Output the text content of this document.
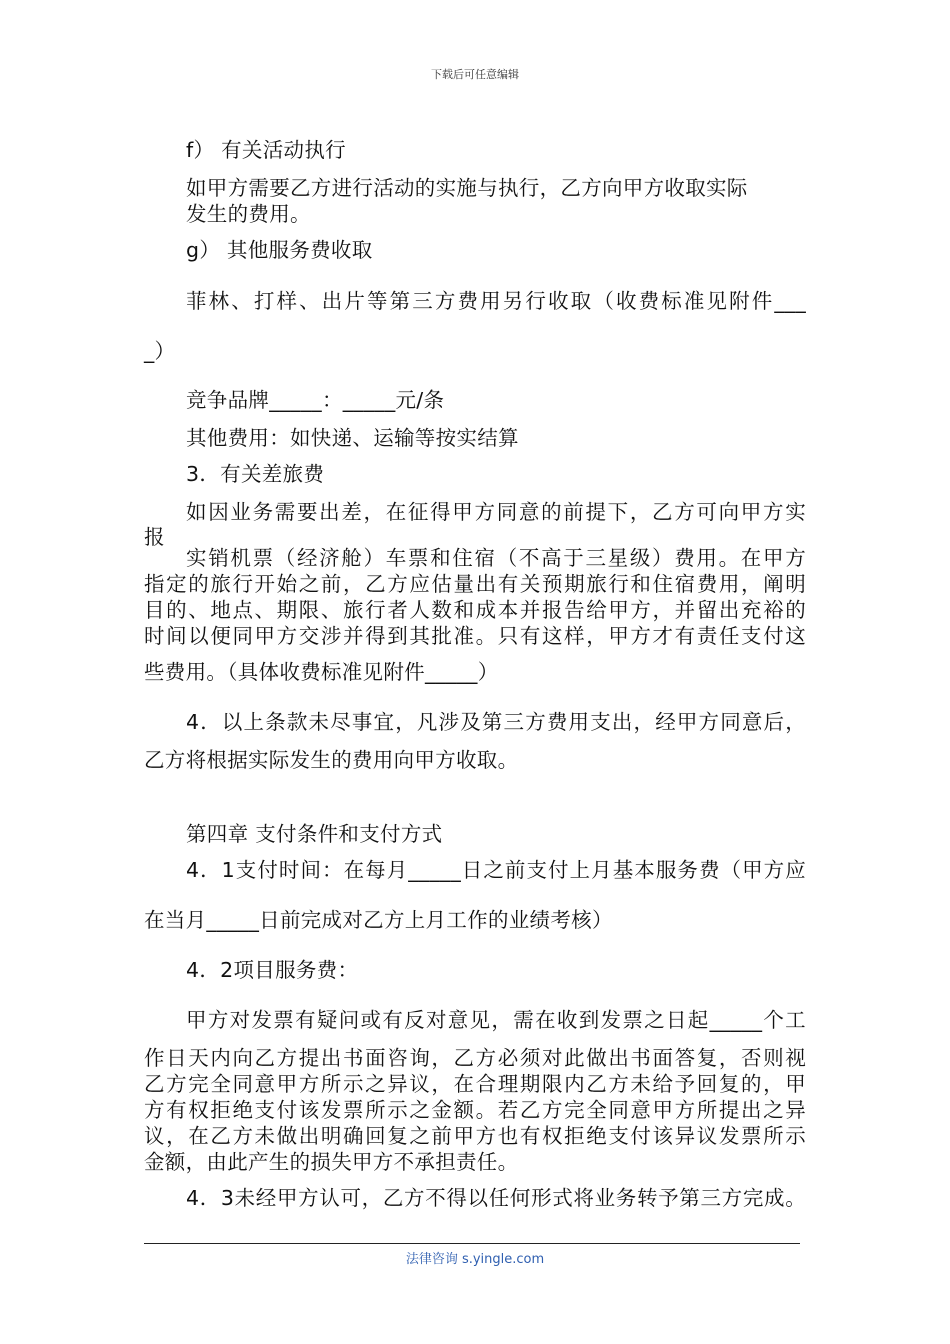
下载后可任意编辑
f） 有关活动执行
如甲方需要乙方进行活动的实施与执行，乙方向甲方收取实际
发生的费用。
g） 其他服务费收取
菲林、打样、出片等第三方费用另行收取（收费标准见附件___
_）
竞争品牌_____：_____元/条
其他费用：如快递、运输等按实结算
3．有关差旅费
如因业务需要出差，在征得甲方同意的前提下，乙方可向甲方实
报
实销机票（经济舱）车票和住宿（不高于三星级）费用。在甲方
指定的旅行开始之前，乙方应估量出有关预期旅行和住宿费用，阐明
目的、地点、期限、旅行者人数和成本并报告给甲方，并留出充裕的
时间以便同甲方交涉并得到其批准。只有这样，甲方才有责任支付这
些费用。（具体收费标准见附件_____）
4．以上条款未尽事宜，凡涉及第三方费用支出，经甲方同意后，
乙方将根据实际发生的费用向甲方收取。
第四章 支付条件和支付方式
4．1支付时间：在每月_____日之前支付上月基本服务费（甲方应
在当月_____日前完成对乙方上月工作的业绩考核）
4．2项目服务费：
甲方对发票有疑问或有反对意见，需在收到发票之日起_____个工
作日天内向乙方提出书面咨询，乙方必须对此做出书面答复，否则视
乙方完全同意甲方所示之异议，在合理期限内乙方未给予回复的，甲
方有权拒绝支付该发票所示之金额。若乙方完全同意甲方所提出之异
议，在乙方未做出明确回复之前甲方也有权拒绝支付该异议发票所示
金额，由此产生的损失甲方不承担责任。
4．3未经甲方认可，乙方不得以任何形式将业务转予第三方完成。
法律咨询 s.yingle.com
